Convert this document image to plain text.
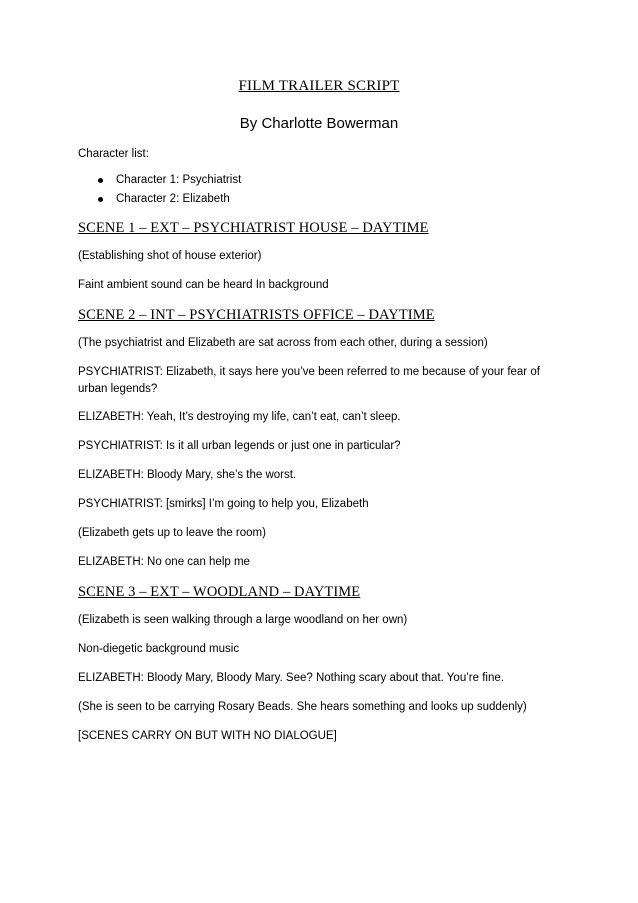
FILM TRAILER SCRIPT
By Charlotte Bowerman
Character list:
Character 1: Psychiatrist
Character 2: Elizabeth
SCENE 1 – EXT – PSYCHIATRIST HOUSE – DAYTIME
(Establishing shot of house exterior)
Faint ambient sound can be heard In background
SCENE 2 – INT – PSYCHIATRISTS OFFICE – DAYTIME
(The psychiatrist and Elizabeth are sat across from each other, during a session)
PSYCHIATRIST: Elizabeth, it says here you’ve been referred to me because of your fear of urban legends?
ELIZABETH: Yeah, It’s destroying my life, can’t eat, can’t sleep.
PSYCHIATRIST: Is it all urban legends or just one in particular?
ELIZABETH: Bloody Mary, she’s the worst.
PSYCHIATRIST: [smirks] I’m going to help you, Elizabeth
(Elizabeth gets up to leave the room)
ELIZABETH: No one can help me
SCENE 3 – EXT – WOODLAND – DAYTIME
(Elizabeth is seen walking through a large woodland on her own)
Non-diegetic background music
ELIZABETH: Bloody Mary, Bloody Mary. See? Nothing scary about that. You’re fine.
(She is seen to be carrying Rosary Beads. She hears something and looks up suddenly)
[SCENES CARRY ON BUT WITH NO DIALOGUE]
